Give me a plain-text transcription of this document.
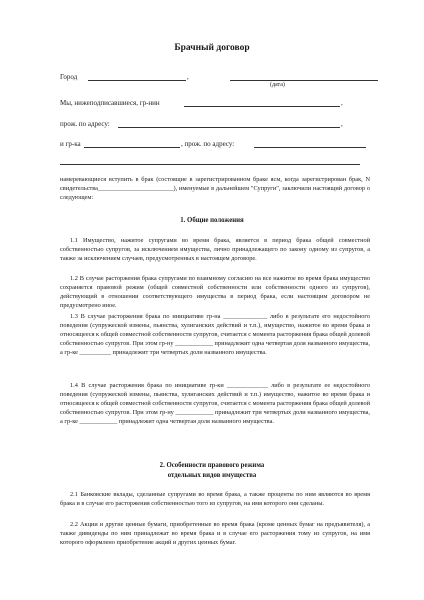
Брачный договор
Город	,
(дата)
Мы, нижеподписавшиеся, гр-нин	,
прож. по адресу:	,
и гр-ка	, прож. по адресу:
намеревающиеся вступить в брак (состоящие в зарегистрированном браке ясм, когда зарегистрирован брак, N свидетельства________________________), именуемые в дальнейшем "Супруги", заключили настоящий договор о следующем:
1. Общие положения
1.1 Имущество, нажитое супругами во время брака, является в период брака общей совместной собственностью супругов, за исключением имущества, лично принадлежащего по закону одному из супругов, а также за исключением случаев, предусмотренных в настоящем договоре.
1.2 В случае расторжения брака супругами по взаимному согласию на все нажитое во время брака имущество сохраняется правовой режим (общей совместной собственности или собственности одного из супругов), действующий в отношении соответствующего имущества в период брака, если настоящим договором не предусмотрено иное.
1.3 В случае расторжения брака по инициативе гр-на ______________ либо в результате его недостойного поведения (супружеской измены, пьянства, хулиганских действий и т.п.), имущество, нажитое во время брака и относящееся к общей совместной собственности супругов, считается с момента расторжения брака общей долевой собственностью супругов. При этом гр-ну ____________ принадлежит одна четвертая доля названного имущества, а гр-ке __________ принадлежит три четвертых доли названного имущества.
1.4 В случае расторжения брака по инициативе гр-ки _____________ либо в результате ее недостойного поведения (супружеской измены, пьянства, хулиганских действий и т.п.) имущество, нажитое во время брака и относящееся к общей совместной собственности супругов, считается с момента расторжения брака общей долевой собственностью супругов. При этом гр-ну ____________ принадлежит три четвертых доли названного имущества, а гр-ке ____________ принадлежит одна четвертая доля названного имущества.
2. Особенности правового режима
отдельных видов имущества
2.1 Банковские вклады, сделанные супругами во время брака, а также проценты по ним являются во время брака и в случае его расторжения собственностью того из супругов, на имя которого они сделаны.
2.2 Акции и другие ценные бумаги, приобретенные во время брака (кроме ценных бумаг на предъявителя), а также дивиденды по ним принадлежат во время брака и в случае его расторжения тому из супругов, на имя которого оформлено приобретение акций и других ценных бумаг.
